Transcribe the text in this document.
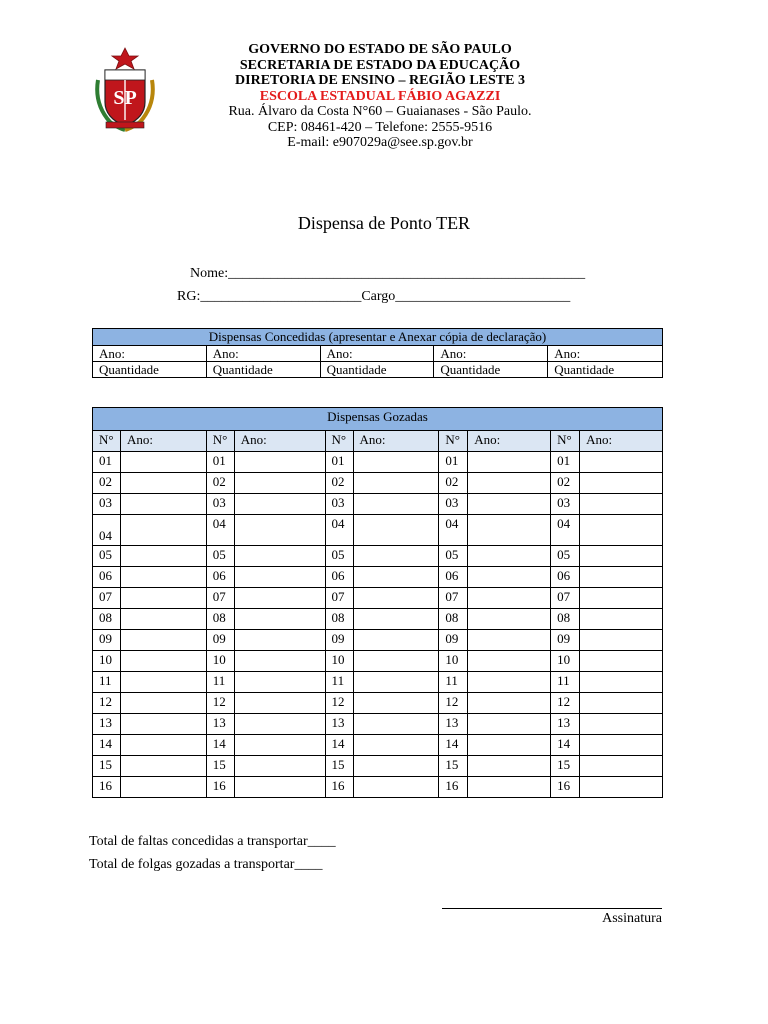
SP
GOVERNO DO ESTADO DE SÃO PAULO
SECRETARIA DE ESTADO DA EDUCAÇÃO
DIRETORIA DE ENSINO – REGIÃO LESTE 3
ESCOLA ESTADUAL FÁBIO AGAZZI
Rua. Álvaro da Costa N°60 – Guaianases - São Paulo.
CEP: 08461-420 – Telefone: 2555-9516
E-mail: e907029a@see.sp.gov.br
Dispensa de Ponto TER
Nome:___________________________________________________
RG:_______________________Cargo_________________________
Dispensas Concedidas (apresentar e Anexar cópia de declaração)				
Ano:	Ano:	Ano:	Ano:	Ano:
Quantidade	Quantidade	Quantidade	Quantidade	Quantidade
Dispensas Gozadas									
N°	Ano:	N°	Ano:	N°	Ano:	N°	Ano:	N°	Ano:
01		01		01		01		01	
02		02		02		02		02	
03		03		03		03		03	
04		04		04		04		04	
05		05		05		05		05	
06		06		06		06		06	
07		07		07		07		07	
08		08		08		08		08	
09		09		09		09		09	
10		10		10		10		10	
11		11		11		11		11	
12		12		12		12		12	
13		13		13		13		13	
14		14		14		14		14	
15		15		15		15		15	
16		16		16		16		16	
Total de faltas concedidas a transportar____
Total de folgas gozadas a transportar____
Assinatura
